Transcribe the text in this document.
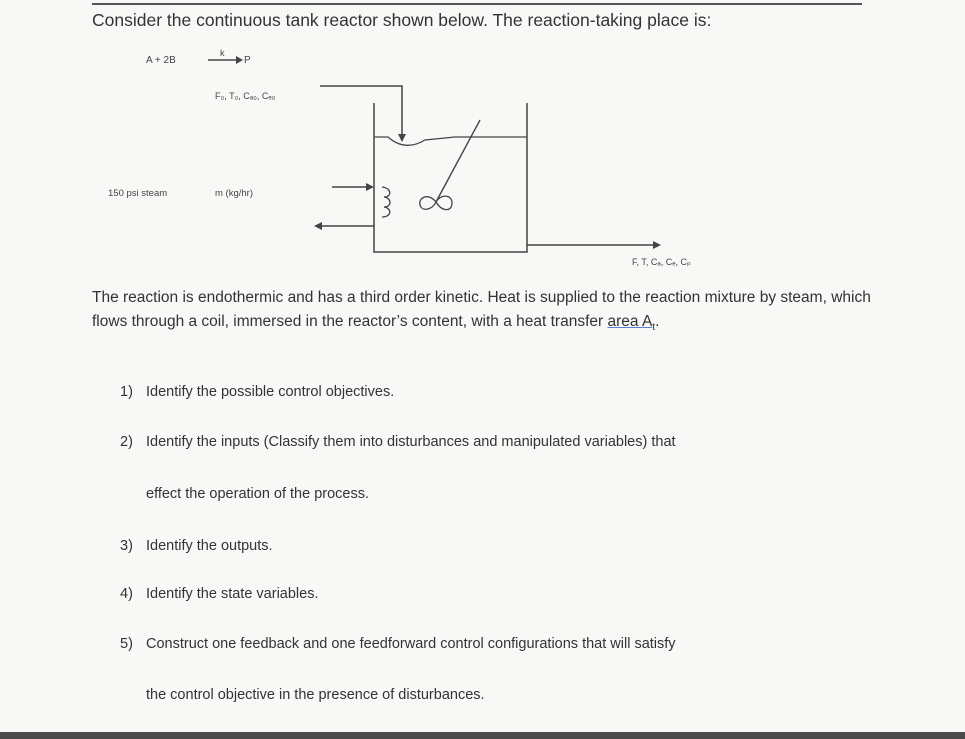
Consider the continuous tank reactor shown below. The reaction-taking place is:
A + 2B
k
P
F₀, T₀, Cₐ₀, Cₑ₀
150 psi steam	m (kg/hr)
F, T, Cₐ, Cₑ, Cₚ
The reaction is endothermic and has a third order kinetic. Heat is supplied to the reaction mixture by steam, which flows through a coil, immersed in the reactor’s content, with a heat transfer area $A_t$.
1) Identify the possible control objectives.
2) Identify the inputs (Classify them into disturbances and manipulated variables) that
effect the operation of the process.
3) Identify the outputs.
4) Identify the state variables.
5) Construct one feedback and one feedforward control configurations that will satisfy
the control objective in the presence of disturbances.
